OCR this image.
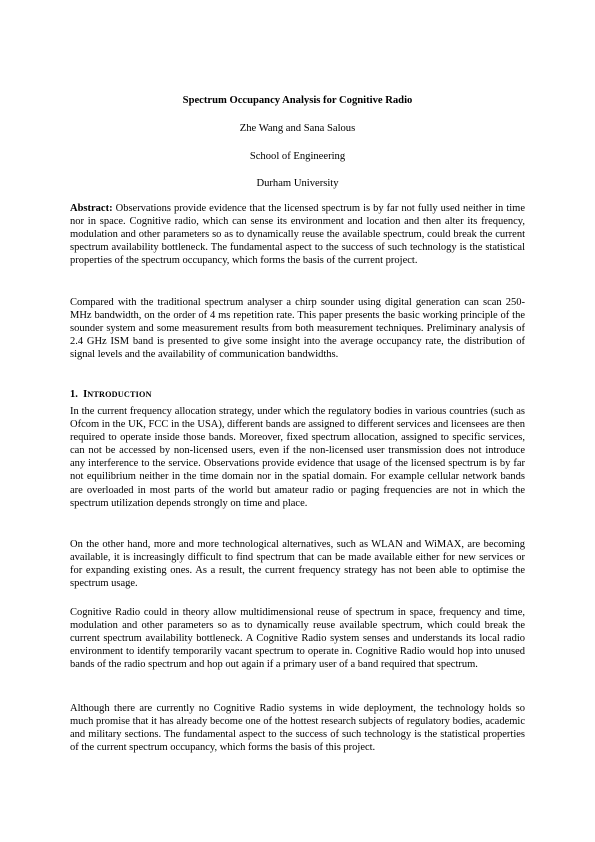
Spectrum Occupancy Analysis for Cognitive Radio
Zhe Wang and Sana Salous
School of Engineering
Durham University

Abstract: Observations provide evidence that the licensed spectrum is by far not fully used neither in time nor in space. Cognitive radio, which can sense its environment and location and then alter its frequency, modulation and other parameters so as to dynamically reuse the available spectrum, could break the current spectrum availability bottleneck. The fundamental aspect to the success of such technology is the statistical properties of the spectrum occupancy, which forms the basis of the current project.

Compared with the traditional spectrum analyser a chirp sounder using digital generation can scan 250-MHz bandwidth, on the order of 4 ms repetition rate. This paper presents the basic working principle of the sounder system and some measurement results from both measurement techniques. Preliminary analysis of 2.4 GHz ISM band is presented to give some insight into the average occupancy rate, the distribution of signal levels and the availability of communication bandwidths.

1. INTRODUCTION

In the current frequency allocation strategy, under which the regulatory bodies in various countries (such as Ofcom in the UK, FCC in the USA), different bands are assigned to different services and licensees are then required to operate inside those bands. Moreover, fixed spectrum allocation, assigned to specific services, can not be accessed by non-licensed users, even if the non-licensed user transmission does not introduce any interference to the service. Observations provide evidence that usage of the licensed spectrum is by far not equilibrium neither in the time domain nor in the spatial domain. For example cellular network bands are overloaded in most parts of the world but amateur radio or paging frequencies are not in which the spectrum utilization depends strongly on time and place.

On the other hand, more and more technological alternatives, such as WLAN and WiMAX, are becoming available, it is increasingly difficult to find spectrum that can be made available either for new services or for expanding existing ones. As a result, the current frequency strategy has not been able to optimise the spectrum usage.

Cognitive Radio could in theory allow multidimensional reuse of spectrum in space, frequency and time, modulation and other parameters so as to dynamically reuse available spectrum, which could break the current spectrum availability bottleneck. A Cognitive Radio system senses and understands its local radio environment to identify temporarily vacant spectrum to operate in. Cognitive Radio would hop into unused bands of the radio spectrum and hop out again if a primary user of a band required that spectrum.

Although there are currently no Cognitive Radio systems in wide deployment, the technology holds so much promise that it has already become one of the hottest research subjects of regulatory bodies, academic and military sections. The fundamental aspect to the success of such technology is the statistical properties of the current spectrum occupancy, which forms the basis of this project.
